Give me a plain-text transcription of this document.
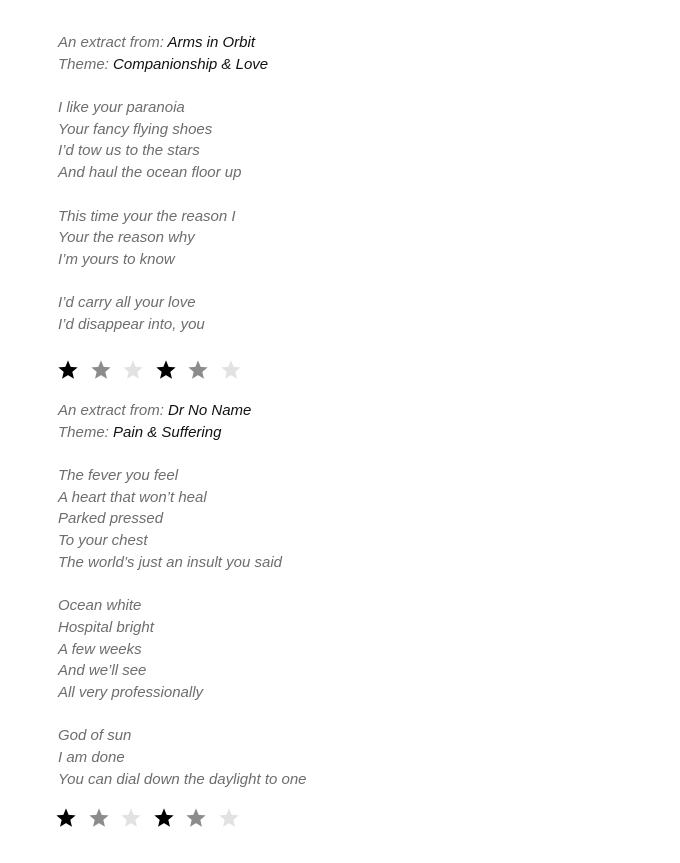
An extract from: Arms in Orbit
Theme: Companionship & Love
I like your paranoia
Your fancy flying shoes
I’d tow us to the stars
And haul the ocean floor up
This time your the reason I
Your the reason why
I’m yours to know
I’d carry all your love
I’d disappear into, you
An extract from: Dr No Name
Theme: Pain & Suffering
The fever you feel
A heart that won’t heal
Parked pressed
To your chest
The world’s just an insult you said
Ocean white
Hospital bright
A few weeks
And we’ll see
All very professionally
God of sun
I am done
You can dial down the daylight to one
